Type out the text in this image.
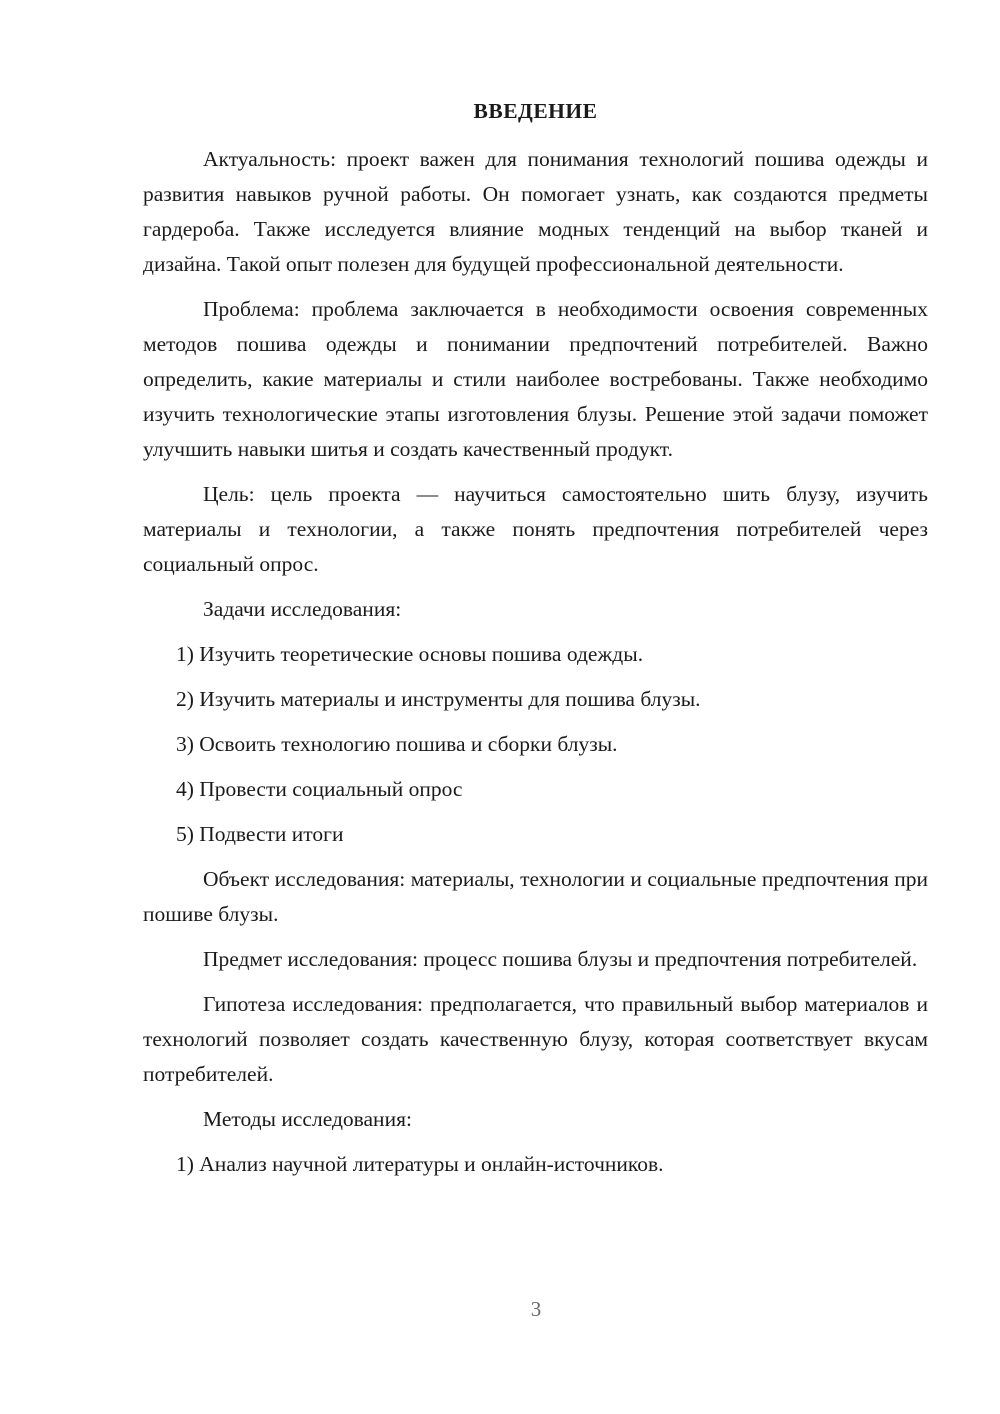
ВВЕДЕНИЕ

Актуальность: проект важен для понимания технологий пошива одежды и развития навыков ручной работы. Он помогает узнать, как создаются предметы гардероба. Также исследуется влияние модных тенденций на выбор тканей и дизайна. Такой опыт полезен для будущей профессиональной деятельности.

Проблема: проблема заключается в необходимости освоения современных методов пошива одежды и понимании предпочтений потребителей. Важно определить, какие материалы и стили наиболее востребованы. Также необходимо изучить технологические этапы изготовления блузы. Решение этой задачи поможет улучшить навыки шитья и создать качественный продукт.

Цель: цель проекта — научиться самостоятельно шить блузу, изучить материалы и технологии, а также понять предпочтения потребителей через социальный опрос.

Задачи исследования:
1) Изучить теоретические основы пошива одежды.
2) Изучить материалы и инструменты для пошива блузы.
3) Освоить технологию пошива и сборки блузы.
4) Провести социальный опрос
5) Подвести итоги

Объект исследования: материалы, технологии и социальные предпочтения при пошиве блузы.

Предмет исследования: процесс пошива блузы и предпочтения потребителей.

Гипотеза исследования: предполагается, что правильный выбор материалов и технологий позволяет создать качественную блузу, которая соответствует вкусам потребителей.

Методы исследования:
1) Анализ научной литературы и онлайн-источников.
3
